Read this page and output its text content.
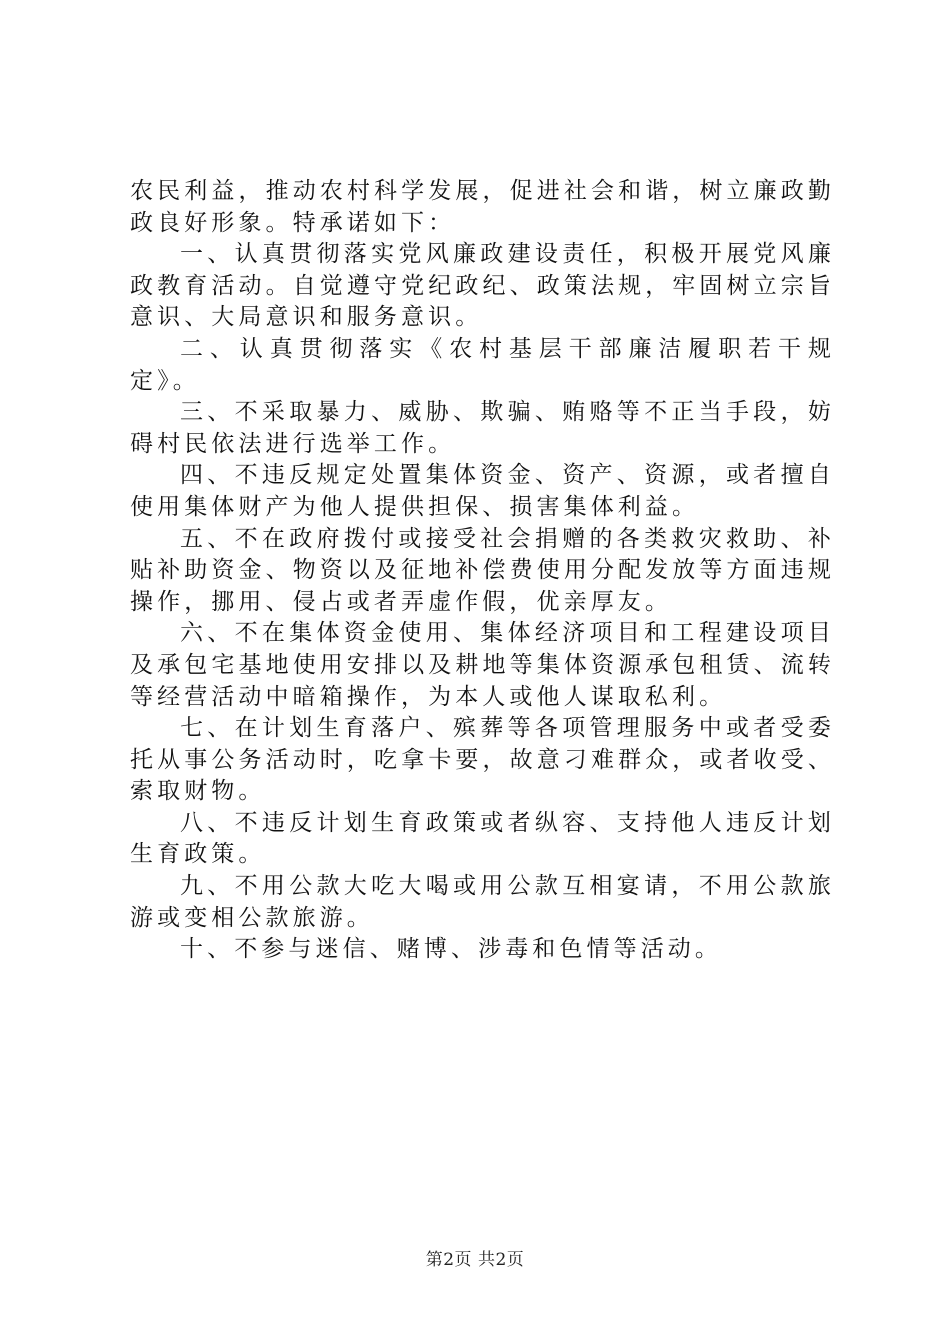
农民利益，推动农村科学发展，促进社会和谐，树立廉政勤政良好形象。特承诺如下：

一、认真贯彻落实党风廉政建设责任，积极开展党风廉政教育活动。自觉遵守党纪政纪、政策法规，牢固树立宗旨意识、大局意识和服务意识。

二、认真贯彻落实《农村基层干部廉洁履职若干规定》。

三、不采取暴力、威胁、欺骗、贿赂等不正当手段，妨碍村民依法进行选举工作。

四、不违反规定处置集体资金、资产、资源，或者擅自使用集体财产为他人提供担保、损害集体利益。

五、不在政府拨付或接受社会捐赠的各类救灾救助、补贴补助资金、物资以及征地补偿费使用分配发放等方面违规操作，挪用、侵占或者弄虚作假，优亲厚友。

六、不在集体资金使用、集体经济项目和工程建设项目及承包宅基地使用安排以及耕地等集体资源承包租赁、流转等经营活动中暗箱操作，为本人或他人谋取私利。

七、在计划生育落户、殡葬等各项管理服务中或者受委托从事公务活动时，吃拿卡要，故意刁难群众，或者收受、索取财物。

八、不违反计划生育政策或者纵容、支持他人违反计划生育政策。

九、不用公款大吃大喝或用公款互相宴请，不用公款旅游或变相公款旅游。

十、不参与迷信、赌博、涉毒和色情等活动。

第2页 共2页
